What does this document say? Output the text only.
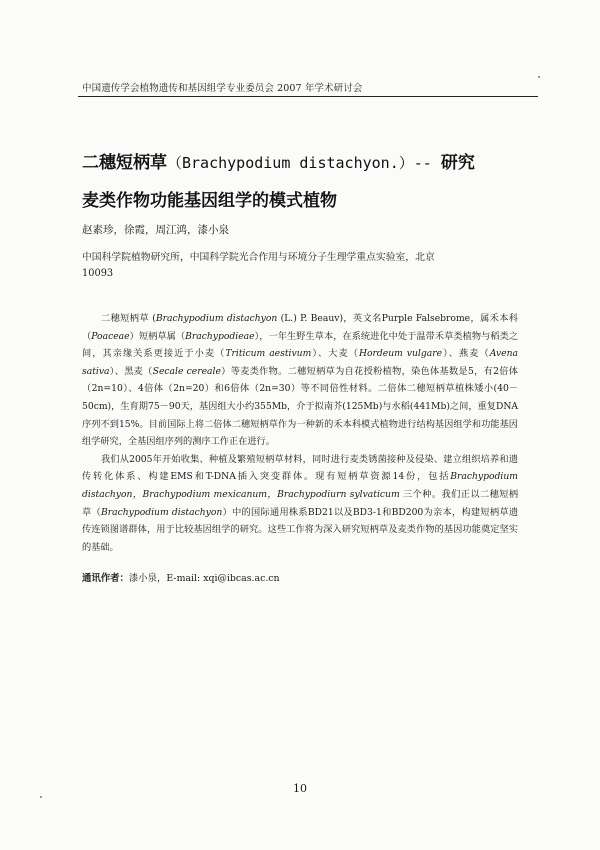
中国遗传学会植物遗传和基因组学专业委员会 2007 年学术研讨会
二穗短柄草（Brachypodium distachyon.）-- 研究
麦类作物功能基因组学的模式植物
赵素珍，徐霞，周江鸿，漆小泉
中国科学院植物研究所，中国科学院光合作用与环境分子生理学重点实验室，北京
10093

二穗短柄草 (Brachypodium distachyon (L.) P. Beauv)，英文名Purple Falsebrome，属禾本科（Poaceae）短柄草属（Brachypodieae），一年生野生草本，在系统进化中处于温带禾草类植物与稻类之间，其亲缘关系更接近于小麦（Triticum aestivum）、大麦（Hordeum vulgare）、燕麦（Avena sativa）、黑麦（Secale cereale）等麦类作物。二穗短柄草为自花授粉植物，染色体基数是5，有2倍体（2n=10）、4倍体（2n=20）和6倍体（2n=30）等不同倍性材料。二倍体二穗短柄草植株矮小(40－50cm)，生育期75－90天，基因组大小约355Mb，介于拟南芥(125Mb)与水稻(441Mb)之间，重复DNA序列不到15%。目前国际上将二倍体二穗短柄草作为一种新的禾本科模式植物进行结构基因组学和功能基因组学研究，全基因组序列的测序工作正在进行。

我们从2005年开始收集、种植及繁殖短柄草材料，同时进行麦类锈菌接种及侵染、建立组织培养和遗传转化体系、构建EMS和T-DNA插入突变群体。现有短柄草资源14份，包括Brachypodium distachyon，Brachypodium mexicanum，Brachypodiurn sylvaticum 三个种。我们正以二穗短柄草（Brachypodium distachyon）中的国际通用株系BD21以及BD3-1和BD200为亲本，构建短柄草遗传连锁图谱群体，用于比较基因组学的研究。这些工作将为深入研究短柄草及麦类作物的基因功能奠定坚实的基础。

通讯作者：漆小泉，E-mail: xqi@ibcas.ac.cn
10
